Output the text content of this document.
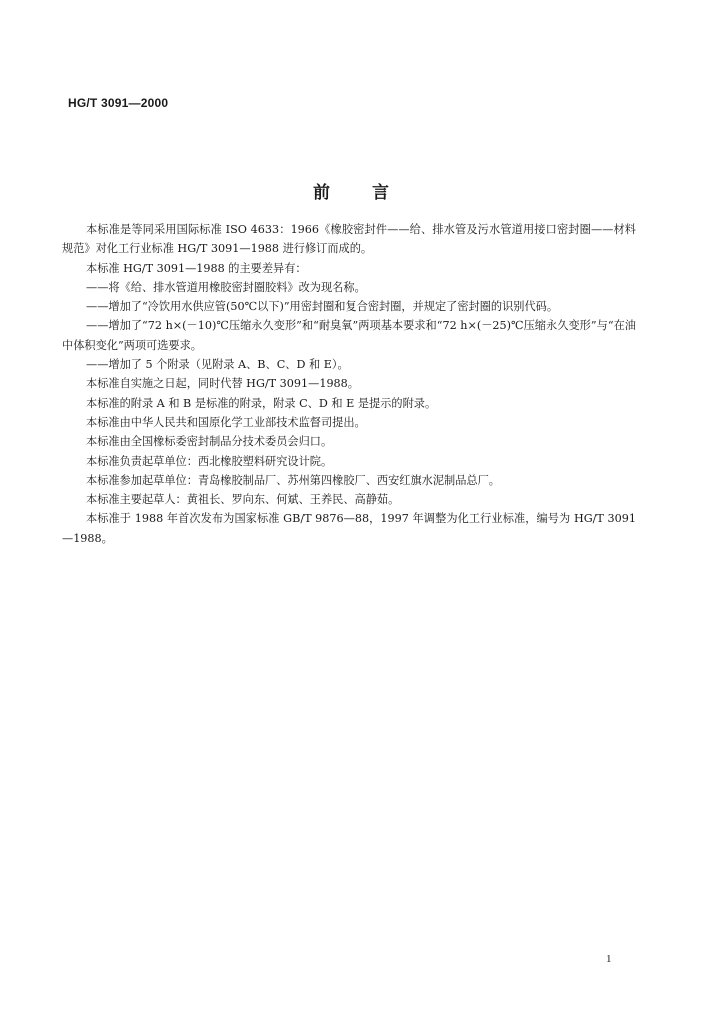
HG/T 3091—2000
前言

本标准是等同采用国际标准 ISO 4633：1966《橡胶密封件——给、排水管及污水管道用接口密封圈——材料规范》对化工行业标准 HG/T 3091—1988 进行修订而成的。

本标准 HG/T 3091—1988 的主要差异有：

——将《给、排水管道用橡胶密封圈胶料》改为现名称。

——增加了“冷饮用水供应管(50℃以下)”用密封圈和复合密封圈，并规定了密封圈的识别代码。

——增加了“72 h×(－10)℃压缩永久变形”和“耐臭氧”两项基本要求和“72 h×(－25)℃压缩永久变形”与“在油中体积变化”两项可选要求。

——增加了 5 个附录（见附录 A、B、C、D 和 E）。

本标准自实施之日起，同时代替 HG/T 3091—1988。

本标准的附录 A 和 B 是标准的附录，附录 C、D 和 E 是提示的附录。

本标准由中华人民共和国原化学工业部技术监督司提出。

本标准由全国橡标委密封制品分技术委员会归口。

本标准负责起草单位：西北橡胶塑料研究设计院。

本标准参加起草单位：青岛橡胶制品厂、苏州第四橡胶厂、西安红旗水泥制品总厂。

本标准主要起草人：黄祖长、罗向东、何斌、王养民、高静茹。

本标准于 1988 年首次发布为国家标准 GB/T 9876—88，1997 年调整为化工行业标准，编号为 HG/T 3091—1988。

1
